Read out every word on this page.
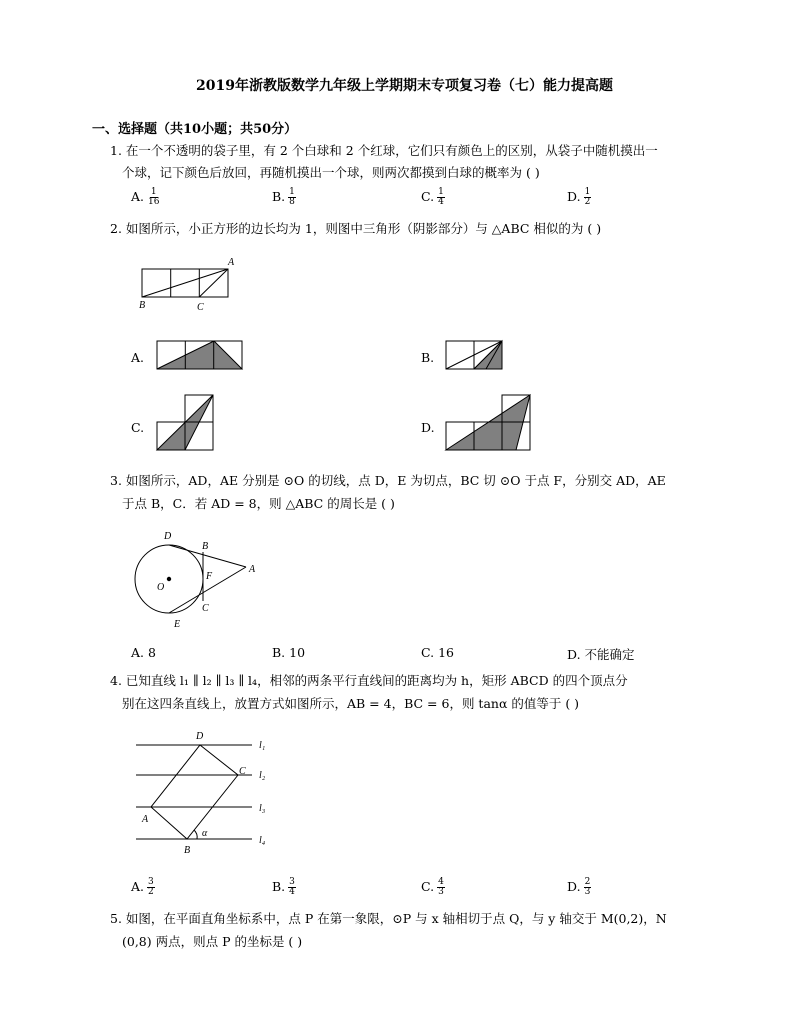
2019年浙教版数学九年级上学期期末专项复习卷（七）能力提高题
一、选择题（共10小题；共50分）
1. 在一个不透明的袋子里，有 2 个白球和 2 个红球，它们只有颜色上的区别，从袋子中随机摸出一
个球，记下颜色后放回，再随机摸出一个球，则两次都摸到白球的概率为 ( )
A. $\frac{1}{16}$	B. $\frac{1}{8}$	C. $\frac{1}{4}$	D. $\frac{1}{2}$
2. 如图所示，小正方形的边长均为 1，则图中三角形（阴影部分）与 △ABC 相似的为 ( )
A
B	C
A.	B.
C.	D.
3. 如图所示，AD，AE 分别是 ⊙O 的切线，点 D，E 为切点，BC 切 ⊙O 于点 F，分别交 AD，AE
于点 B，C．若 AD = 8，则 △ABC 的周长是 ( )
D
B
F
A
O
C
E
A. 8	B. 10	C. 16	D. 不能确定
4. 已知直线 l₁ ∥ l₂ ∥ l₃ ∥ l₄，相邻的两条平行直线间的距离均为 h，矩形 ABCD 的四个顶点分
别在这四条直线上，放置方式如图所示，AB = 4，BC = 6，则 tanα 的值等于 ( )
D
C
A
B
α
l₁
l₂
l₃
l₄
A. $\frac{3}{2}$	B. $\frac{3}{4}$	C. $\frac{4}{3}$	D. $\frac{2}{3}$
5. 如图，在平面直角坐标系中，点 P 在第一象限，⊙P 与 x 轴相切于点 Q，与 y 轴交于 M(0,2)，N
(0,8) 两点，则点 P 的坐标是 ( )
